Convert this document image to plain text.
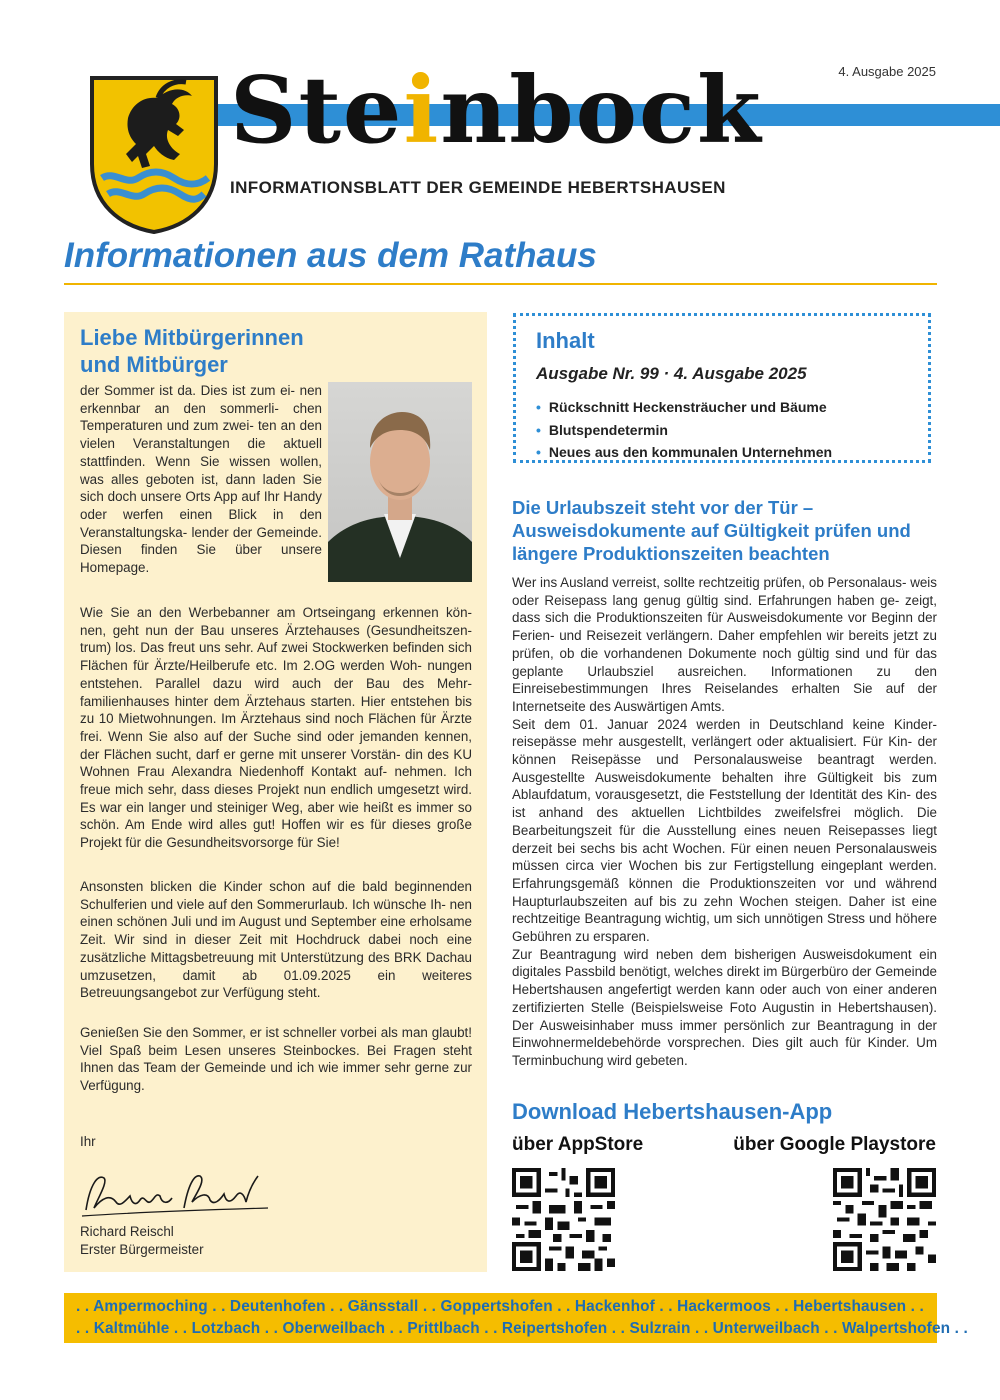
4. Ausgabe 2025
Steinbock
INFORMATIONSBLATT DER GEMEINDE HEBERTSHAUSEN
Informationen aus dem Rathaus
Liebe Mitbürgerinnen
und Mitbürger

der Sommer ist da. Dies ist zum ei- nen erkennbar an den sommerli- chen Temperaturen und zum zwei- ten an den vielen Veranstaltungen die aktuell stattfinden. Wenn Sie wissen wollen, was alles geboten ist, dann laden Sie sich doch unsere Orts App auf Ihr Handy oder werfen einen Blick in den Veranstaltungska- lender der Gemeinde. Diesen finden Sie über unsere Homepage.

Wie Sie an den Werbebanner am Ortseingang erkennen kön- nen, geht nun der Bau unseres Ärztehauses (Gesundheitszen- trum) los. Das freut uns sehr. Auf zwei Stockwerken befinden sich Flächen für Ärzte/Heilberufe etc. Im 2.OG werden Woh- nungen entstehen. Parallel dazu wird auch der Bau des Mehr- familienhauses hinter dem Ärztehaus starten. Hier entstehen bis zu 10 Mietwohnungen. Im Ärztehaus sind noch Flächen für Ärzte frei. Wenn Sie also auf der Suche sind oder jemanden kennen, der Flächen sucht, darf er gerne mit unserer Vorstän- din des KU Wohnen Frau Alexandra Niedenhoff Kontakt auf- nehmen. Ich freue mich sehr, dass dieses Projekt nun endlich umgesetzt wird. Es war ein langer und steiniger Weg, aber wie heißt es immer so schön. Am Ende wird alles gut! Hoffen wir es für dieses große Projekt für die Gesundheitsvorsorge für Sie!

Ansonsten blicken die Kinder schon auf die bald beginnenden Schulferien und viele auf den Sommerurlaub. Ich wünsche Ih- nen einen schönen Juli und im August und September eine erholsame Zeit. Wir sind in dieser Zeit mit Hochdruck dabei noch eine zusätzliche Mittagsbetreuung mit Unterstützung des BRK Dachau umzusetzen, damit ab 01.09.2025 ein weiteres Betreuungsangebot zur Verfügung steht.

Genießen Sie den Sommer, er ist schneller vorbei als man glaubt! Viel Spaß beim Lesen unseres Steinbockes. Bei Fragen steht Ihnen das Team der Gemeinde und ich wie immer sehr gerne zur Verfügung.

Ihr

Richard Reischl

Erster Bürgermeister

Inhalt

Ausgabe Nr. 99 · 4. Ausgabe 2025

• Rückschnitt Heckensträucher und Bäume
• Blutspendetermin
• Neues aus den kommunalen Unternehmen
Die Urlaubszeit steht vor der Tür –
Ausweisdokumente auf Gültigkeit prüfen und
längere Produktionszeiten beachten

Wer ins Ausland verreist, sollte rechtzeitig prüfen, ob Personalaus- weis oder Reisepass lang genug gültig sind. Erfahrungen haben ge- zeigt, dass sich die Produktionszeiten für Ausweisdokumente vor Beginn der Ferien- und Reisezeit verlängern. Daher empfehlen wir bereits jetzt zu prüfen, ob die vorhandenen Dokumente noch gültig sind und für das geplante Urlaubsziel ausreichen. Informationen zu den Einreisebestimmungen Ihres Reiselandes erhalten Sie auf der Internetseite des Auswärtigen Amts.
Seit dem 01. Januar 2024 werden in Deutschland keine Kinder- reisepässe mehr ausgestellt, verlängert oder aktualisiert. Für Kin- der können Reisepässe und Personalausweise beantragt werden. Ausgestellte Ausweisdokumente behalten ihre Gültigkeit bis zum Ablaufdatum, vorausgesetzt, die Feststellung der Identität des Kin- des ist anhand des aktuellen Lichtbildes zweifelsfrei möglich. Die Bearbeitungszeit für die Ausstellung eines neuen Reisepasses liegt derzeit bei sechs bis acht Wochen. Für einen neuen Personalausweis müssen circa vier Wochen bis zur Fertigstellung eingeplant werden. Erfahrungsgemäß können die Produktionszeiten vor und während Haupturlaubszeiten auf bis zu zehn Wochen steigen. Daher ist eine rechtzeitige Beantragung wichtig, um sich unnötigen Stress und höhere Gebühren zu ersparen.
Zur Beantragung wird neben dem bisherigen Ausweisdokument ein digitales Passbild benötigt, welches direkt im Bürgerbüro der Gemeinde Hebertshausen angefertigt werden kann oder auch von einer anderen zertifizierten Stelle (Beispielsweise Foto Augustin in Hebertshausen). Der Ausweisinhaber muss immer persönlich zur Beantragung in der Einwohnermeldebehörde vorsprechen. Dies gilt auch für Kinder. Um Terminbuchung wird gebeten.

Download Hebertshausen-App

über AppStore	über Google Playstore

. . Ampermoching . . Deutenhofen . . Gänsstall . . Goppertshofen . . Hackenhof . . Hackermoos . . Hebertshausen . .

. . Kaltmühle . . Lotzbach . . Oberweilbach . . Prittlbach . . Reipertshofen . . Sulzrain . . Unterweilbach . . Walpertshofen . .
